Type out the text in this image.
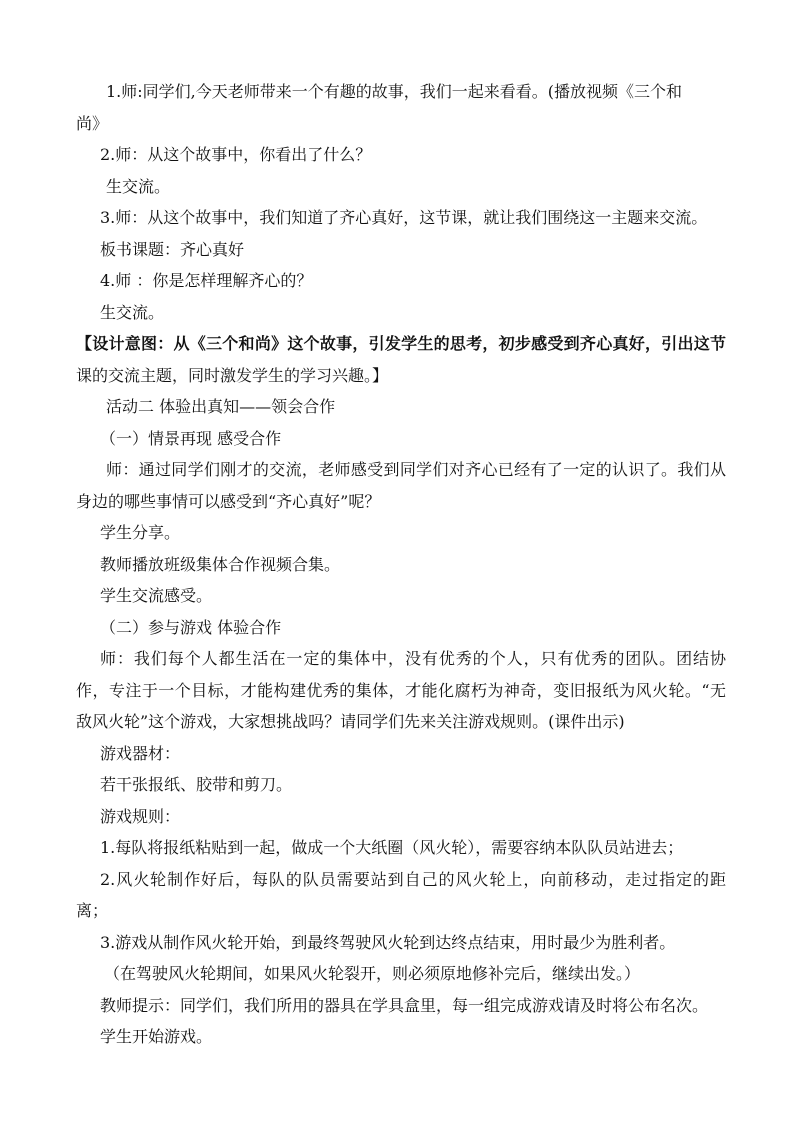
1.师:同学们,今天老师带来一个有趣的故事，我们一起来看看。(播放视频《三个和
尚》
2.师：从这个故事中，你看出了什么？
生交流。
3.师：从这个故事中，我们知道了齐心真好，这节课，就让我们围绕这一主题来交流。
板书课题：齐心真好
4.师 ：你是怎样理解齐心的？
生交流。
【设计意图：从《三个和尚》这个故事，引发学生的思考，初步感受到齐心真好，引出这节
课的交流主题，同时激发学生的学习兴趣。】
活动二 体验出真知——领会合作
（一）情景再现 感受合作
师：通过同学们刚才的交流，老师感受到同学们对齐心已经有了一定的认识了。我们从
身边的哪些事情可以感受到“齐心真好”呢？
学生分享。
教师播放班级集体合作视频合集。
学生交流感受。
（二）参与游戏 体验合作
师：我们每个人都生活在一定的集体中，没有优秀的个人，只有优秀的团队。团结协
作，专注于一个目标，才能构建优秀的集体，才能化腐朽为神奇，变旧报纸为风火轮。“无
敌风火轮”这个游戏，大家想挑战吗？请同学们先来关注游戏规则。(课件出示)
游戏器材：
若干张报纸、胶带和剪刀。
游戏规则：
1.每队将报纸粘贴到一起，做成一个大纸圈（风火轮），需要容纳本队队员站进去；
2.风火轮制作好后，每队的队员需要站到自己的风火轮上，向前移动，走过指定的距
离；
3.游戏从制作风火轮开始，到最终驾驶风火轮到达终点结束，用时最少为胜利者。
（在驾驶风火轮期间，如果风火轮裂开，则必须原地修补完后，继续出发。）
教师提示：同学们，我们所用的器具在学具盒里，每一组完成游戏请及时将公布名次。
学生开始游戏。
